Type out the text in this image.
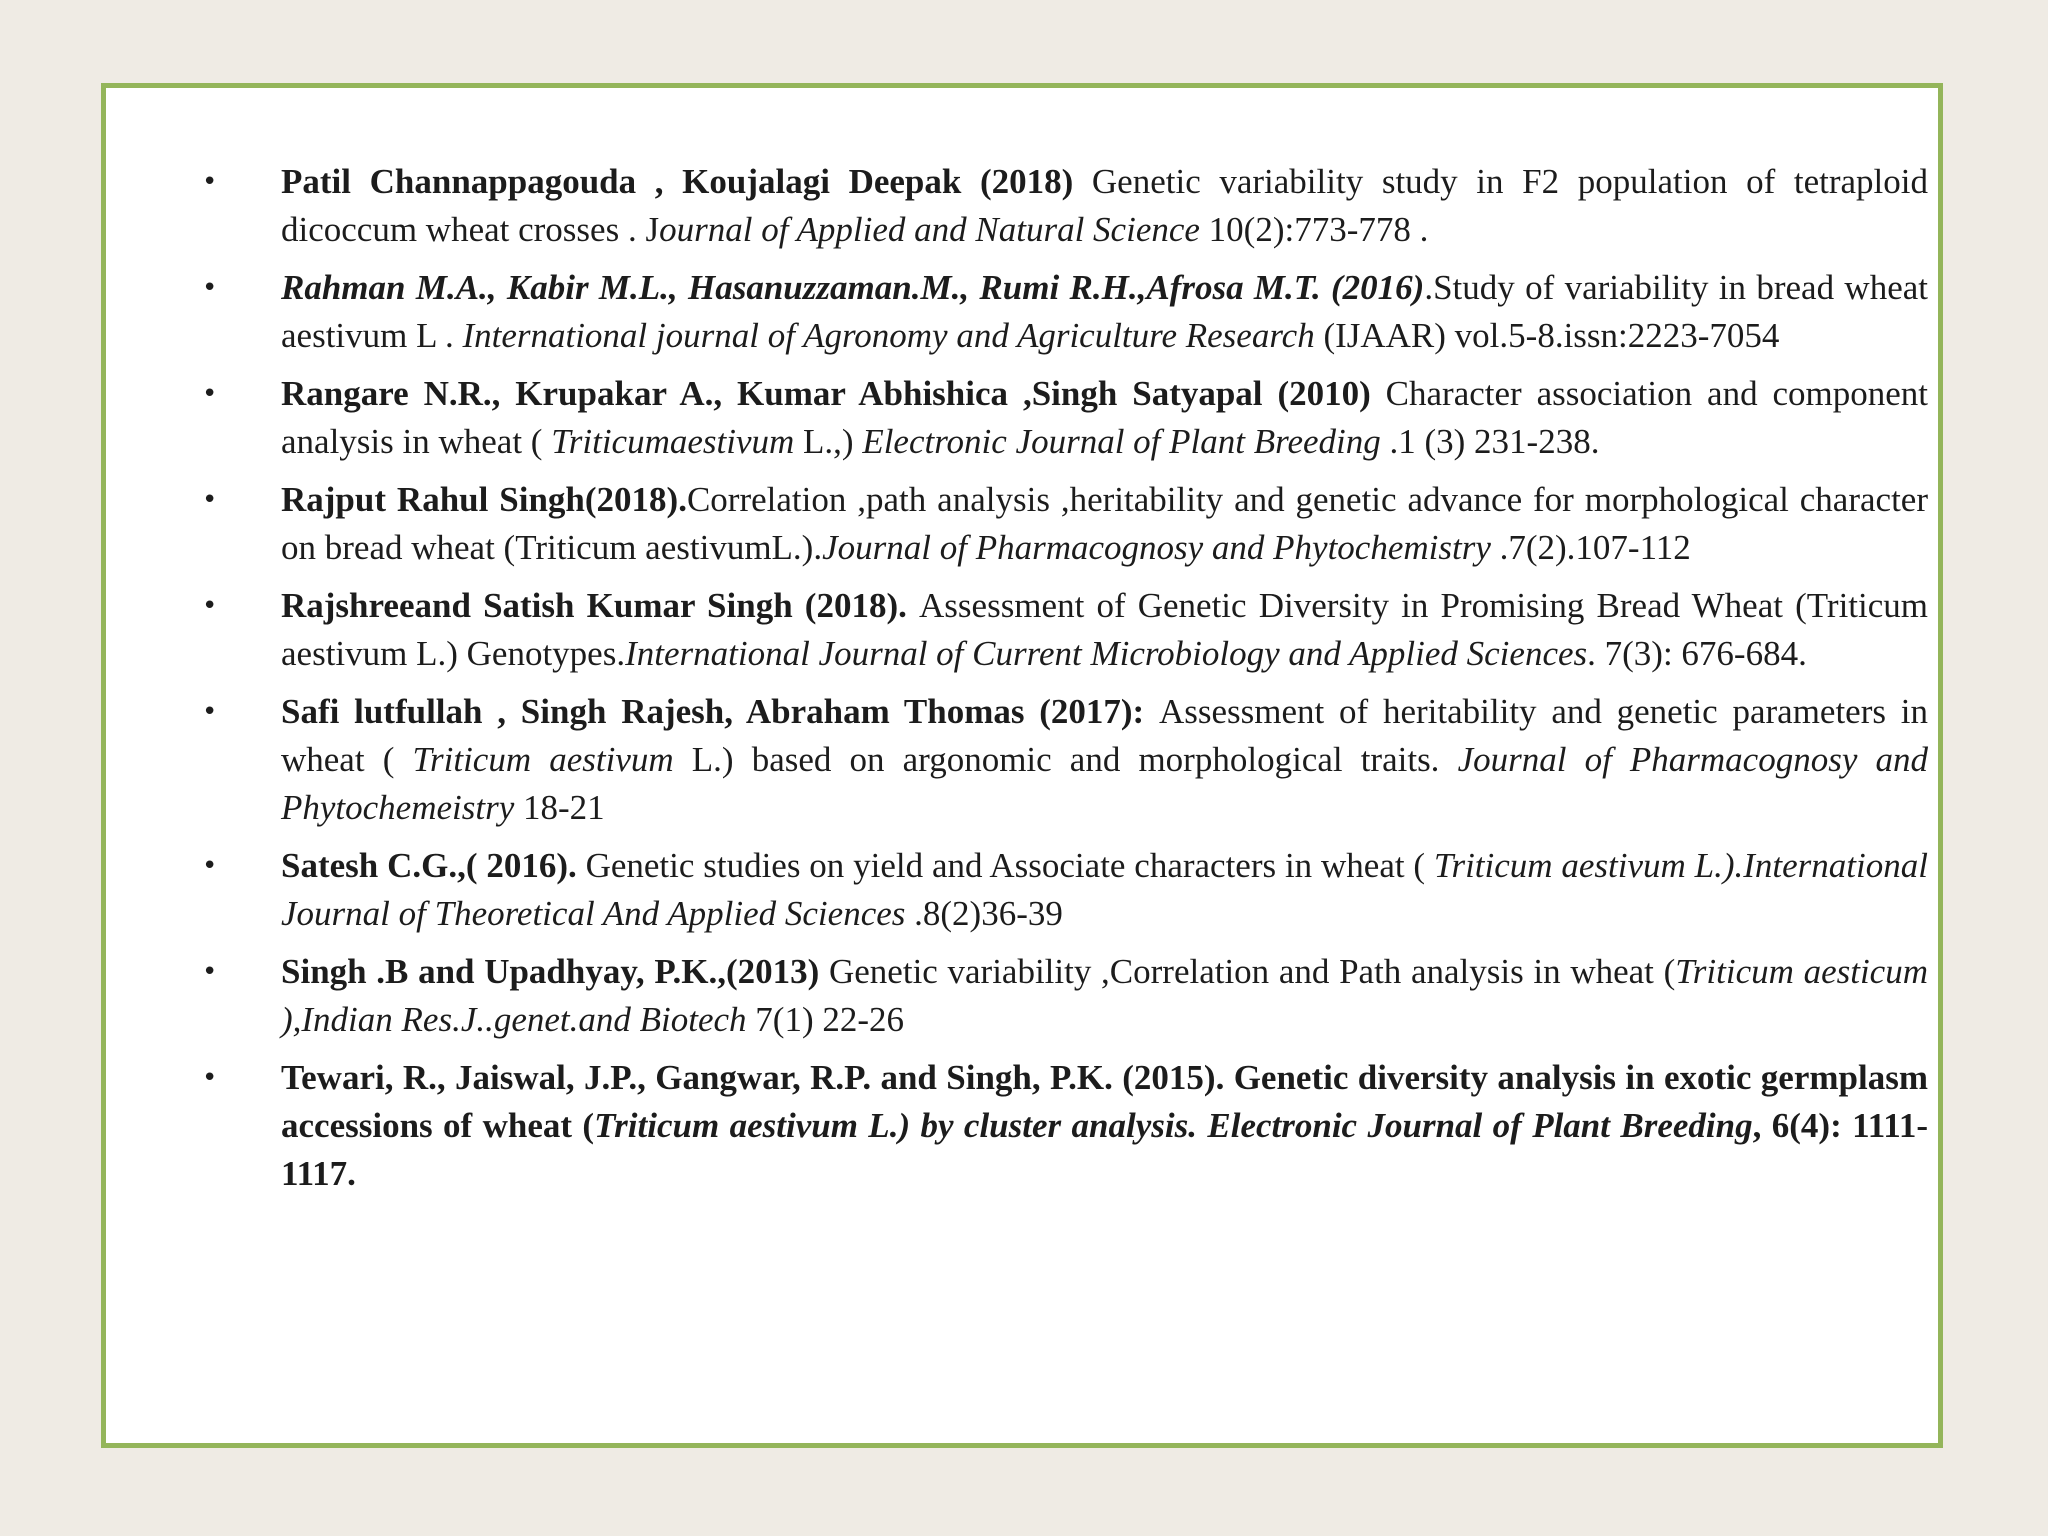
• Patil Channappagouda , Koujalagi Deepak (2018) Genetic variability study in F2 population of tetraploid dicoccum wheat crosses . Journal of Applied and Natural Science 10(2):773-778 .
• Rahman M.A., Kabir M.L., Hasanuzzaman.M., Rumi R.H.,Afrosa M.T. (2016).Study of variability in bread wheat aestivum L . International journal of Agronomy and Agriculture Research (IJAAR) vol.5-8.issn:2223-7054
• Rangare N.R., Krupakar A., Kumar Abhishica ,Singh Satyapal (2010) Character association and component analysis in wheat ( Triticumaestivum L.,) Electronic Journal of Plant Breeding .1 (3) 231-238.
• Rajput Rahul Singh(2018).Correlation ,path analysis ,heritability and genetic advance for morphological character on bread wheat (Triticum aestivumL.).Journal of Pharmacognosy and Phytochemistry .7(2).107-112
• Rajshreeand Satish Kumar Singh (2018). Assessment of Genetic Diversity in Promising Bread Wheat (Triticum aestivum L.) Genotypes.International Journal of Current Microbiology and Applied Sciences. 7(3): 676-684.
• Safi lutfullah , Singh Rajesh, Abraham Thomas (2017): Assessment of heritability and genetic parameters in wheat ( Triticum aestivum L.) based on argonomic and morphological traits. Journal of Pharmacognosy and Phytochemeistry 18-21
• Satesh C.G.,( 2016). Genetic studies on yield and Associate characters in wheat ( Triticum aestivum L.).International Journal of Theoretical And Applied Sciences .8(2)36-39
• Singh .B and Upadhyay, P.K.,(2013) Genetic variability ,Correlation and Path analysis in wheat (Triticum aesticum ),Indian Res.J..genet.and Biotech 7(1) 22-26
• Tewari, R., Jaiswal, J.P., Gangwar, R.P. and Singh, P.K. (2015). Genetic diversity analysis in exotic germplasm accessions of wheat (Triticum aestivum L.) by cluster analysis. Electronic Journal of Plant Breeding, 6(4): 1111-1117.
